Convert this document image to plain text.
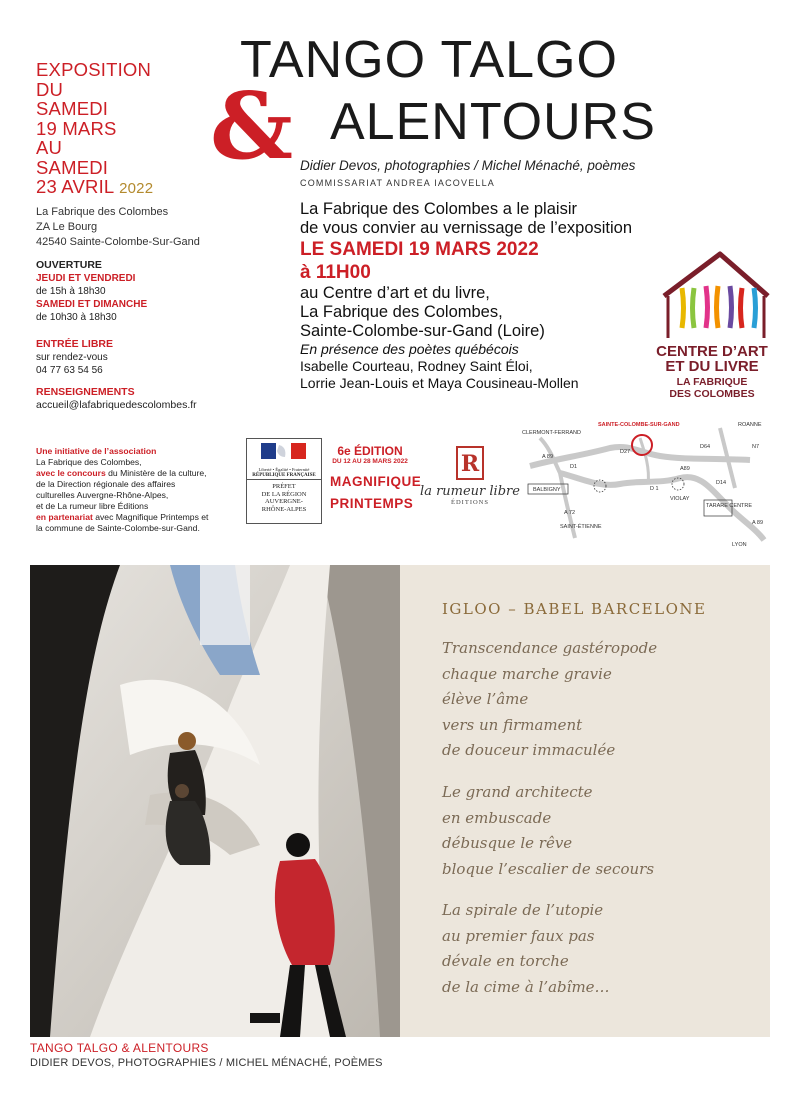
EXPOSITION
DU
SAMEDI
19 MARS
AU
SAMEDI
23 AVRIL 2022
La Fabrique des Colombes
ZA Le Bourg
42540 Sainte-Colombe-Sur-Gand
OUVERTURE
JEUDI ET VENDREDI
de 15h à 18h30
SAMEDI ET DIMANCHE
de 10h30 à 18h30
ENTRÉE LIBRE
sur rendez-vous
04 77 63 54 56
RENSEIGNEMENTS
accueil@lafabriquedescolombes.fr
TANGO TALGO
& ALENTOURS
Didier Devos, photographies / Michel Ménaché, poèmes
COMMISSARIAT ANDREA IACOVELLA
La Fabrique des Colombes a le plaisir
de vous convier au vernissage de l’exposition
LE SAMEDI 19 MARS 2022
à 11H00
au Centre d’art et du livre,
La Fabrique des Colombes,
Sainte-Colombe-sur-Gand (Loire)
En présence des poètes québécois
Isabelle Courteau, Rodney Saint Éloi,
Lorrie Jean-Louis et Maya Cousineau-Mollen
CENTRE D’ART
ET DU LIVRE
LA FABRIQUE
DES COLOMBES
Une initiative de l’association
La Fabrique des Colombes,
avec le concours du Ministère de la culture,
de la Direction régionale des affaires
culturelles Auvergne-Rhône-Alpes,
et de La rumeur libre Éditions
en partenariat avec Magnifique Printemps et
la commune de Sainte-Colombe-sur-Gand.
Liberté • Égalité • Fraternité
RÉPUBLIQUE FRANÇAISE
PRÉFET
DE LA RÉGION
AUVERGNE-
RHÔNE-ALPES
6e ÉDITION
DU 12 AU 28 MARS 2022
MAGNIFIQUE
PRINTEMPS
R
la rumeur libre
ÉDITIONS
CLERMONT-FERRAND
SAINTE-COLOMBE-SUR-GAND	ROANNE
BALBIGNY
VIOLAY
TARARE CENTRE
SAINT-ÉTIENNE
LYON
A 89
D1
D27
D64
A89
D 1
D14
N7
A 72
A 89
IGLOO – BABEL BARCELONE
Transcendance gastéropode
chaque marche gravie
élève l’âme
vers un firmament
de douceur immaculée
Le grand architecte
en embuscade
débusque le rêve
bloque l’escalier de secours
La spirale de l’utopie
au premier faux pas
dévale en torche
de la cime à l’abîme…
TANGO TALGO & ALENTOURS
DIDIER DEVOS, PHOTOGRAPHIES / MICHEL MÉNACHÉ, POÈMES
